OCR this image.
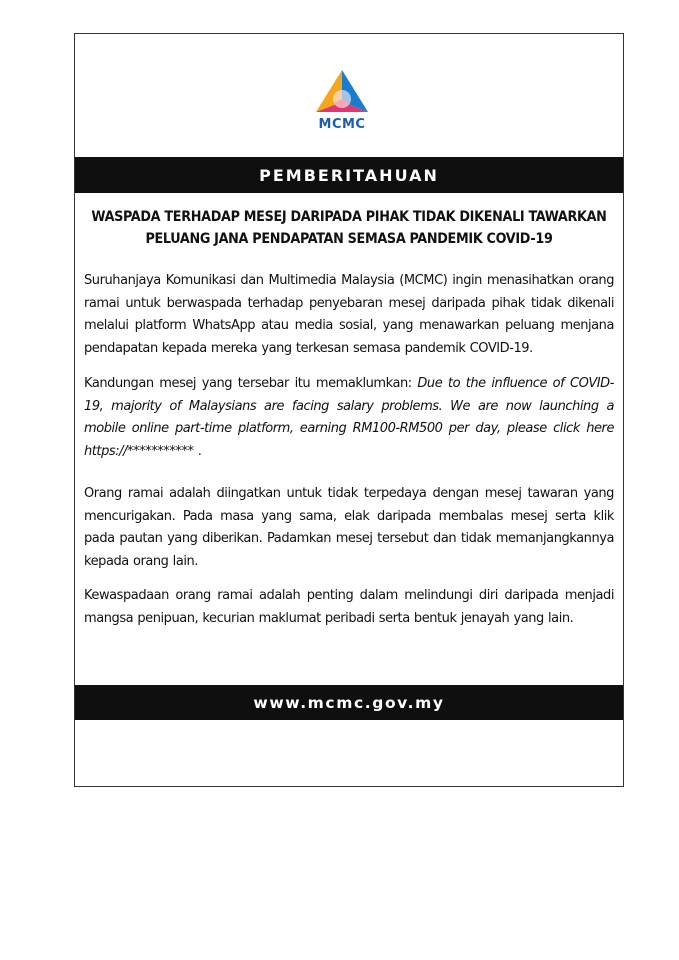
MCMC
PEMBERITAHUAN
WASPADA TERHADAP MESEJ DARIPADA PIHAK TIDAK DIKENALI TAWARKAN
PELUANG JANA PENDAPATAN SEMASA PANDEMIK COVID-19
Suruhanjaya Komunikasi dan Multimedia Malaysia (MCMC) ingin menasihatkan orang ramai untuk berwaspada terhadap penyebaran mesej daripada pihak tidak dikenali melalui platform WhatsApp atau media sosial, yang menawarkan peluang menjana pendapatan kepada mereka yang terkesan semasa pandemik COVID-19.
Kandungan mesej yang tersebar itu memaklumkan: Due to the influence of COVID-19, majority of Malaysians are facing salary problems. We are now launching a mobile online part-time platform, earning RM100-RM500 per day, please click here https://*********** .
Orang ramai adalah diingatkan untuk tidak terpedaya dengan mesej tawaran yang mencurigakan. Pada masa yang sama, elak daripada membalas mesej serta klik pada pautan yang diberikan. Padamkan mesej tersebut dan tidak memanjangkannya kepada orang lain.
Kewaspadaan orang ramai adalah penting dalam melindungi diri daripada menjadi mangsa penipuan, kecurian maklumat peribadi serta bentuk jenayah yang lain.
www.mcmc.gov.my
